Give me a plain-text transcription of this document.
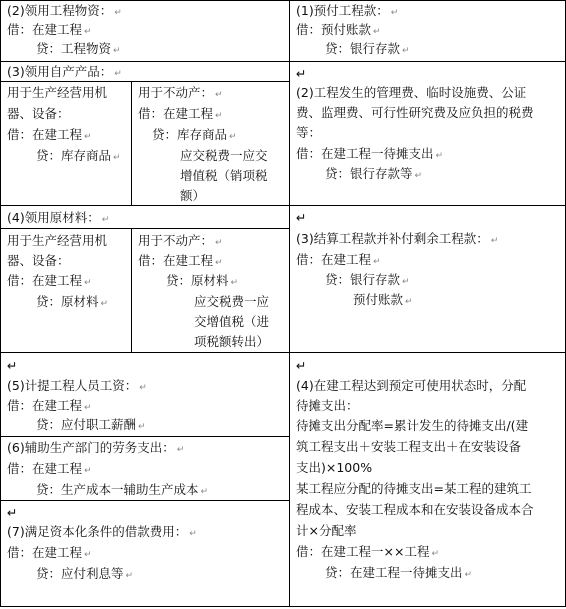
(2)领用工程物资： ↵
借：在建工程 ↵
贷：工程物资 ↵
(3)领用自产产品： ↵
用于生产经营用机
器、设备：
借：在建工程 ↵
贷：库存商品 ↵
用于不动产： ↵
借：在建工程 ↵
贷：库存商品 ↵
应交税费一应交
增值税（销项税
额）
(4)领用原材料： ↵
用于生产经营用机
器、设备：
借：在建工程 ↵
贷：原材料 ↵
用于不动产： ↵
借：在建工程 ↵
贷：原材料 ↵
应交税费一应
交增值税（进
项税额转出）
↵
(5)计提工程人员工资： ↵
借：在建工程 ↵
贷：应付职工薪酬 ↵
(6)辅助生产部门的劳务支出： ↵
借：在建工程 ↵
贷：生产成本一辅助生产成本 ↵
↵
(7)满足资本化条件的借款费用： ↵
借：在建工程 ↵
贷：应付利息等 ↵
(1)预付工程款： ↵
借：预付账款 ↵
贷：银行存款 ↵
↵
(2)工程发生的管理费、临时设施费、公证
费、监理费、可行性研究费及应负担的税费
等：
借：在建工程一待摊支出 ↵
贷：银行存款等 ↵
↵
(3)结算工程款并补付剩余工程款： ↵
借：在建工程 ↵
贷：银行存款 ↵
预付账款 ↵
↵
(4)在建工程达到预定可使用状态时，分配
待摊支出：
待摊支出分配率=累计发生的待摊支出/(建
筑工程支出＋安装工程支出＋在安装设备
支出)×100%
某工程应分配的待摊支出=某工程的建筑工
程成本、安装工程成本和在安装设备成本合
计×分配率
借：在建工程一××工程 ↵
贷：在建工程一待摊支出 ↵
